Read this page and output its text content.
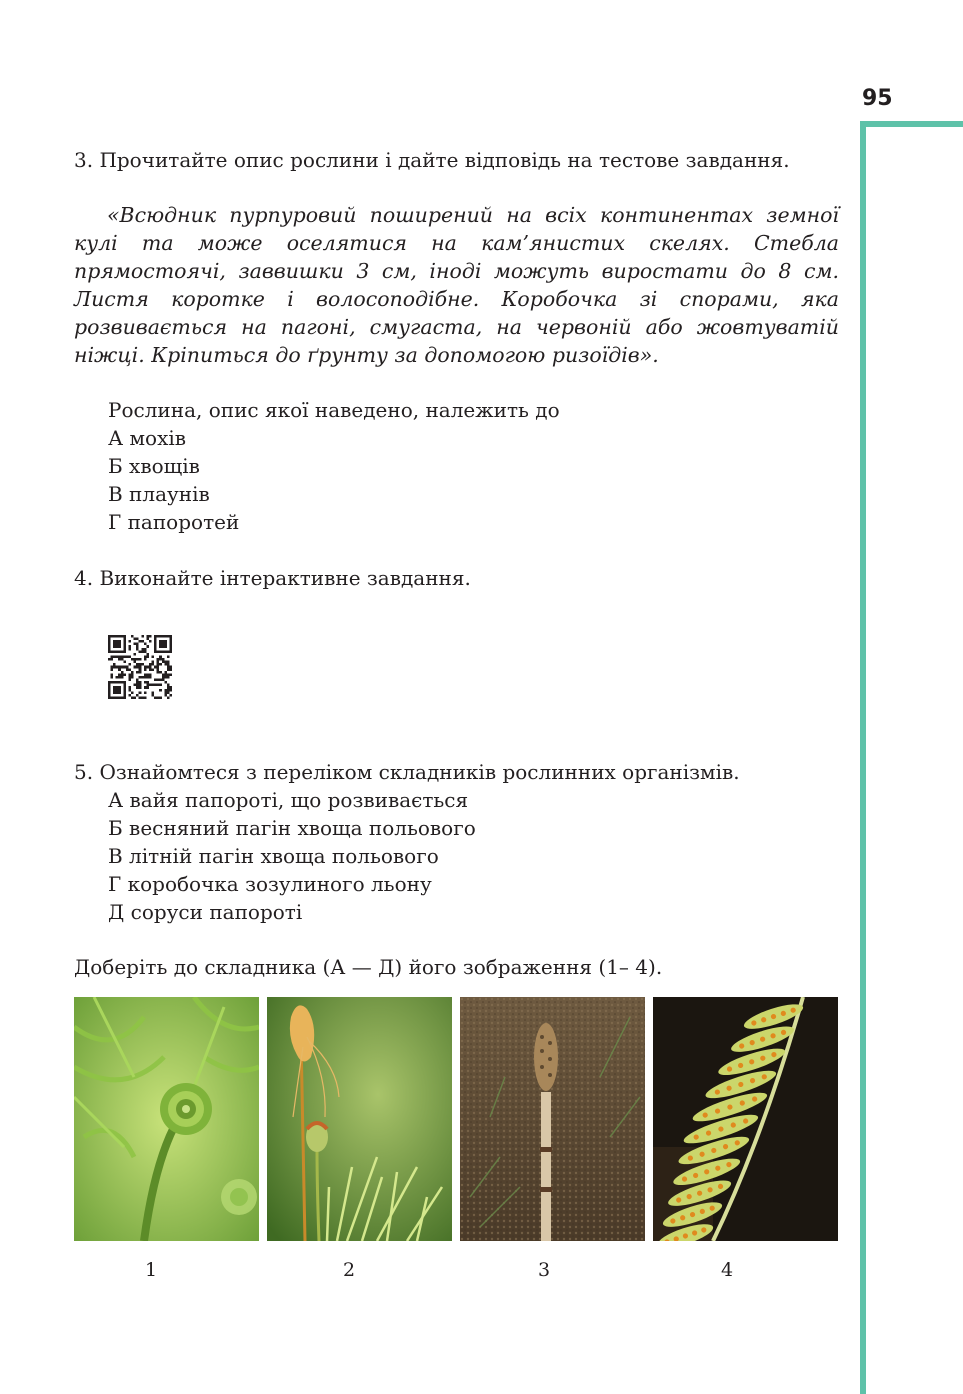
95
3. Прочитайте опис рослини і дайте відповідь на тестове завдання.
«Всюдник пурпуровий поширений на всіх континентах земної кулі та може оселятися на кам’янистих скелях. Стебла прямостоячі, заввишки 3 см, іноді можуть виростати до 8 см. Листя коротке і волосоподібне. Коробочка зі спорами, яка розвивається на пагоні, смугаста, на червоній або жовтуватій ніжці. Кріпиться до ґрунту за допомогою ризоїдів».
Рослина, опис якої наведено, належить до
А мохів
Б хвощів
В плаунів
Г папоротей
4. Виконайте інтерактивне завдання.
5. Ознайомтеся з переліком складників рослинних організмів.
А вайя папороті, що розвивається
Б весняний пагін хвоща польового
В літній пагін хвоща польового
Г коробочка зозулиного льону
Д соруси папороті
Доберіть до складника (А — Д) його зображення (1– 4).
1	2	3	4
